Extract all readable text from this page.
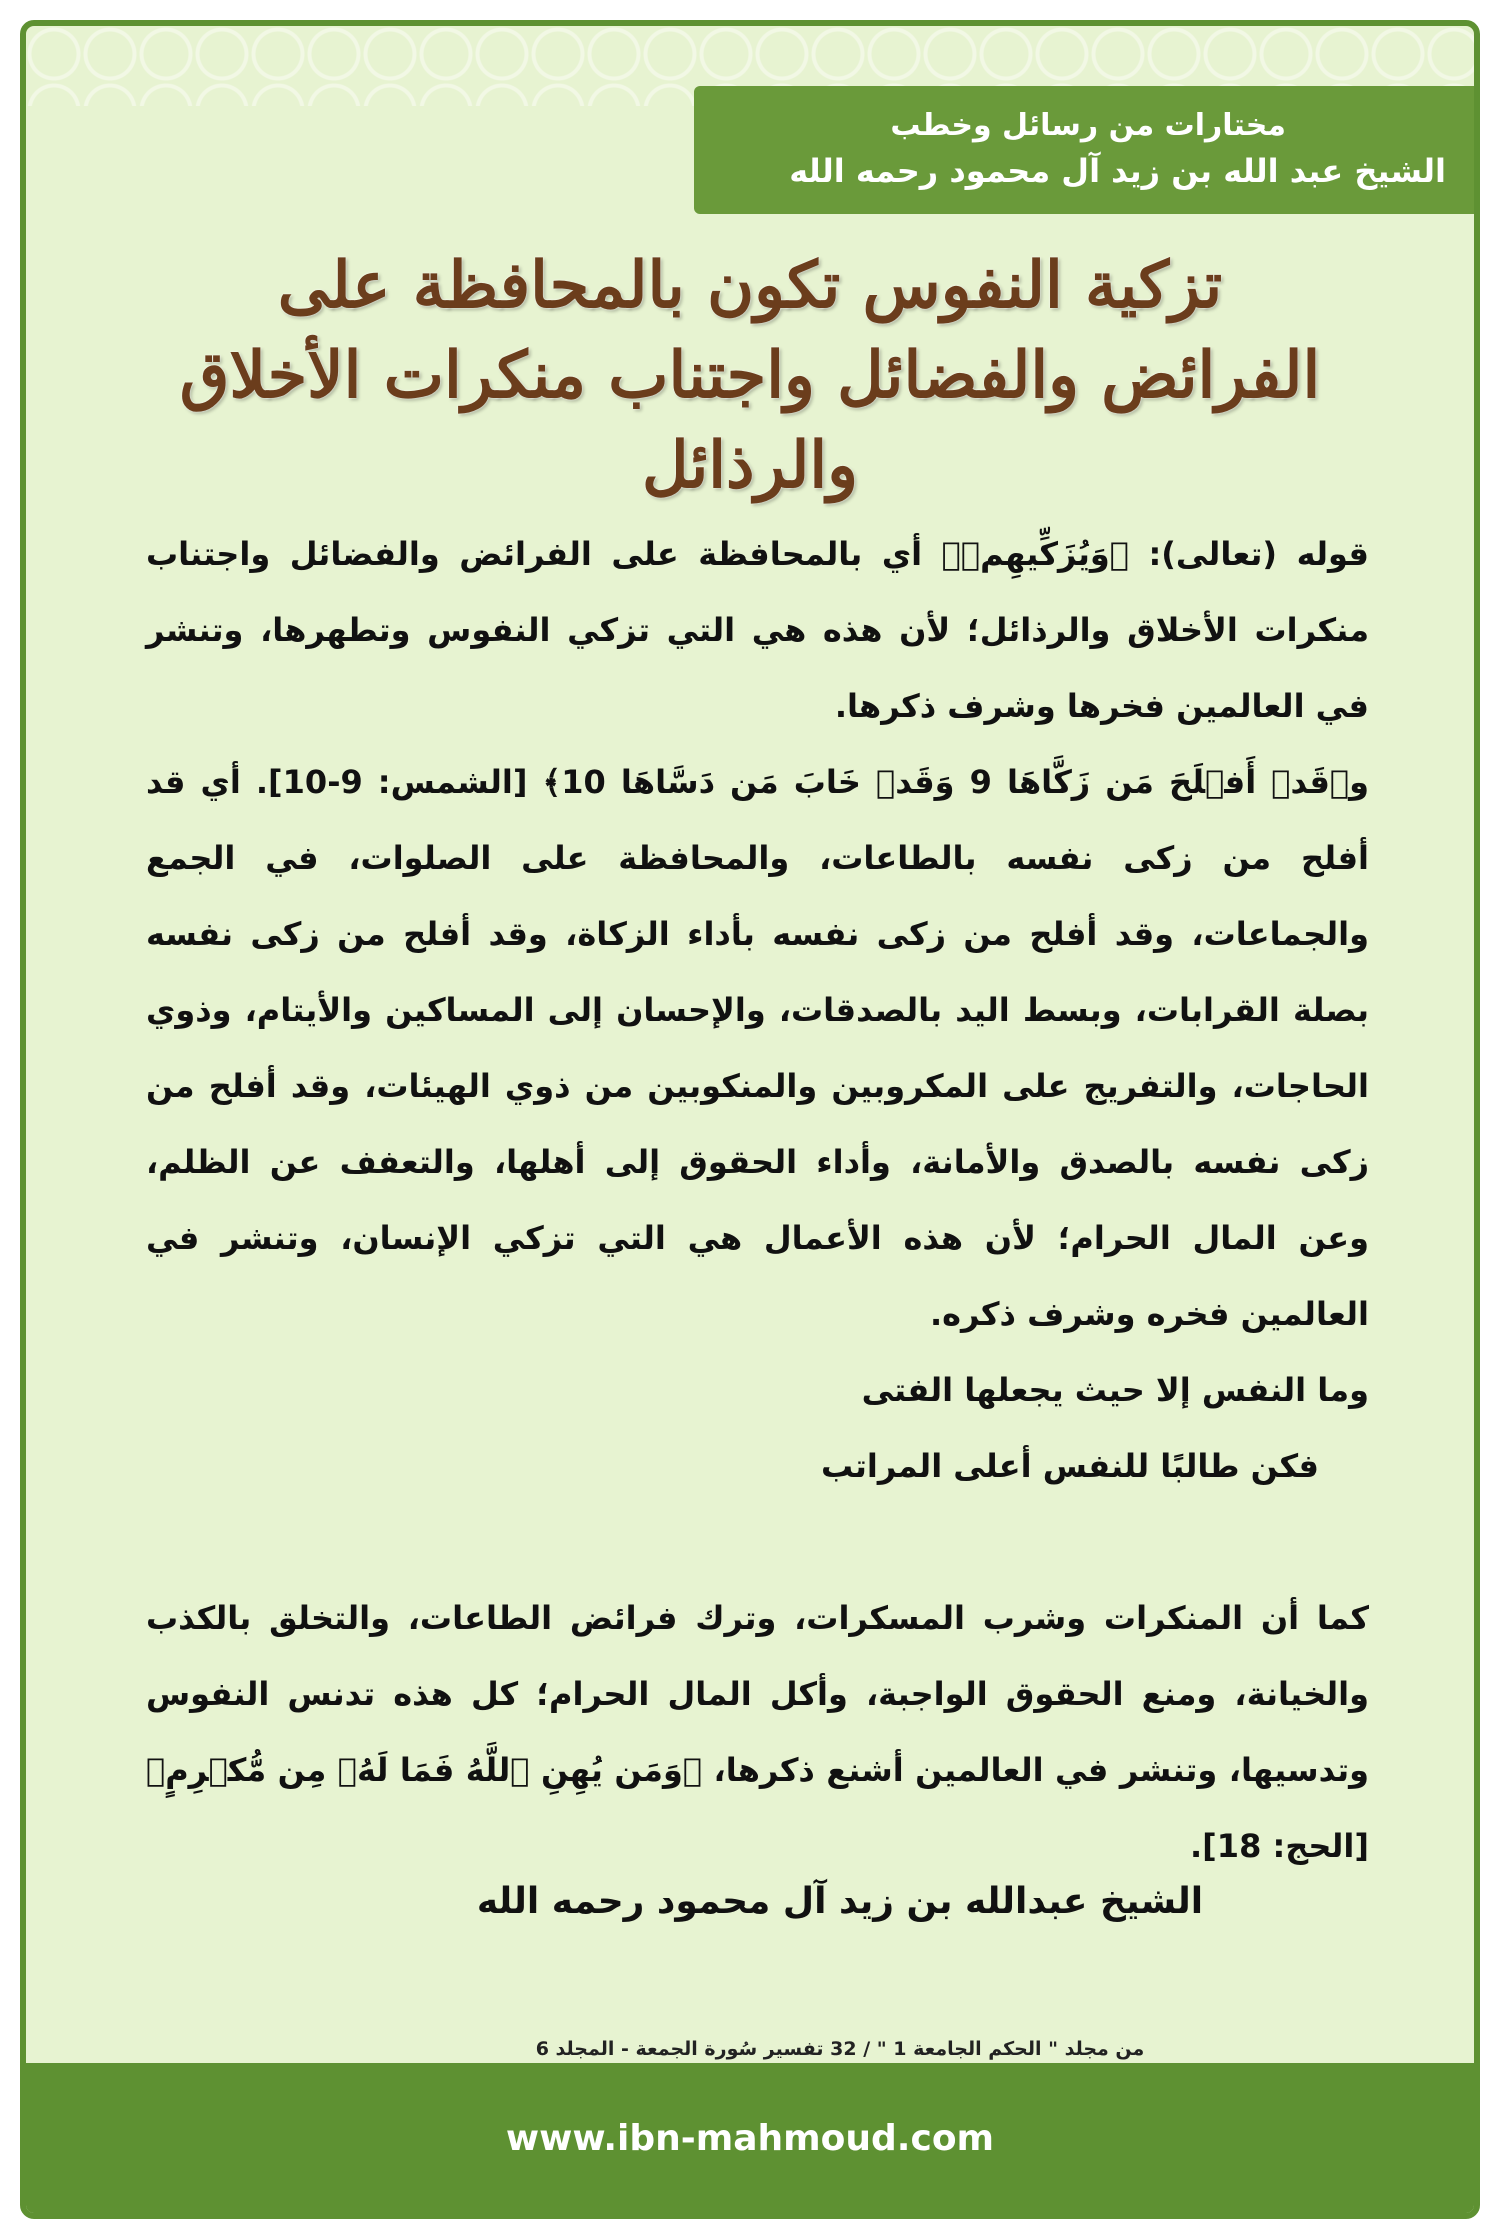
مختارات من رسائل وخطب
الشيخ عبد الله بن زيد آل محمود رحمه الله
تزكية النفوس تكون بالمحافظة على
الفرائض والفضائل واجتناب منكرات الأخلاق
والرذائل

قوله (تعالى): ﴿وَيُزَكِّيهِمۡ﴾ أي بالمحافظة على الفرائض والفضائل واجتناب منكرات الأخلاق والرذائل؛ لأن هذه هي التي تزكي النفوس وتطهرها، وتنشر في العالمين فخرها وشرف ذكرها.

و﴿قَدۡ أَفۡلَحَ مَن زَكَّاهَا 9 وَقَدۡ خَابَ مَن دَسَّاهَا 10﴾ [الشمس: 9-10]. أي قد أفلح من زكى نفسه بالطاعات، والمحافظة على الصلوات، في الجمع والجماعات، وقد أفلح من زكى نفسه بأداء الزكاة، وقد أفلح من زكى نفسه بصلة القرابات، وبسط اليد بالصدقات، والإحسان إلى المساكين والأيتام، وذوي الحاجات، والتفريج على المكروبين والمنكوبين من ذوي الهيئات، وقد أفلح من زكى نفسه بالصدق والأمانة، وأداء الحقوق إلى أهلها، والتعفف عن الظلم، وعن المال الحرام؛ لأن هذه الأعمال هي التي تزكي الإنسان، وتنشر في العالمين فخره وشرف ذكره.

وما النفس إلا حيث يجعلها الفتى

فكن طالبًا للنفس أعلى المراتب

كما أن المنكرات وشرب المسكرات، وترك فرائض الطاعات، والتخلق بالكذب والخيانة، ومنع الحقوق الواجبة، وأكل المال الحرام؛ كل هذه تدنس النفوس وتدسيها، وتنشر في العالمين أشنع ذكرها، ﴿وَمَن يُهِنِ ٱللَّهُ فَمَا لَهُۥ مِن مُّكۡرِمٍ﴾ [الحج: 18].

الشيخ عبدالله بن زيد آل محمود رحمه الله
من مجلد " الحكم الجامعة 1 " / 32 تفسير سُورة الجمعة - المجلد 6
www.ibn-mahmoud.com
